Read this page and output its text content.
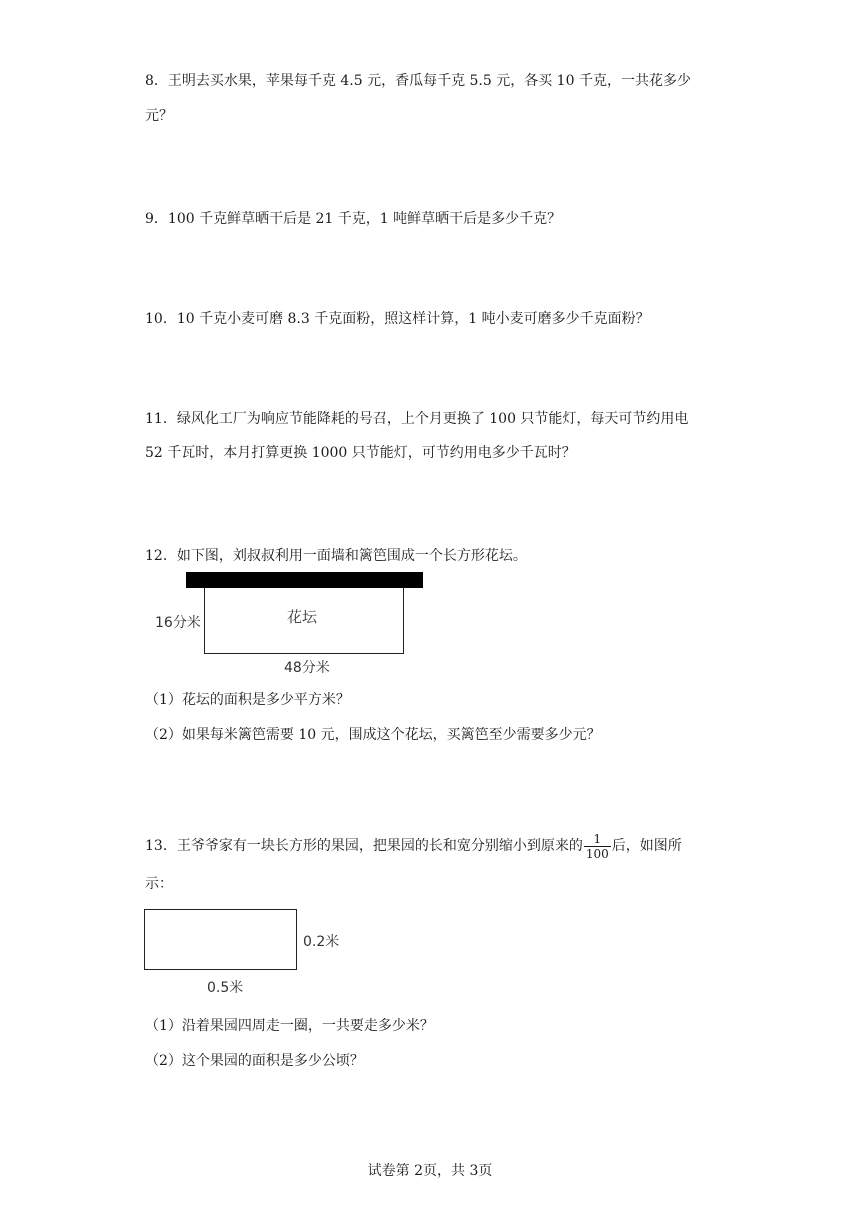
8．王明去买水果，苹果每千克 4.5 元，香瓜每千克 5.5 元，各买 10 千克，一共花多少
元？
9．100 千克鲜草晒干后是 21 千克，1 吨鲜草晒干后是多少千克？
10．10 千克小麦可磨 8.3 千克面粉，照这样计算，1 吨小麦可磨多少千克面粉？
11．绿风化工厂为响应节能降耗的号召，上个月更换了 100 只节能灯，每天可节约用电
52 千瓦时，本月打算更换 1000 只节能灯，可节约用电多少千瓦时？
12．如下图，刘叔叔利用一面墙和篱笆围成一个长方形花坛。
花坛
16分米
48分米
（1）花坛的面积是多少平方米？
（2）如果每米篱笆需要 10 元，围成这个花坛，买篱笆至少需要多少元？
13．王爷爷家有一块长方形的果园，把果园的长和宽分别缩小到原来的 $\frac{1}{100}$ 后，如图所
示：
0.2米
0.5米
（1）沿着果园四周走一圈，一共要走多少米？
（2）这个果园的面积是多少公顷？
试卷第 2页，共 3页
